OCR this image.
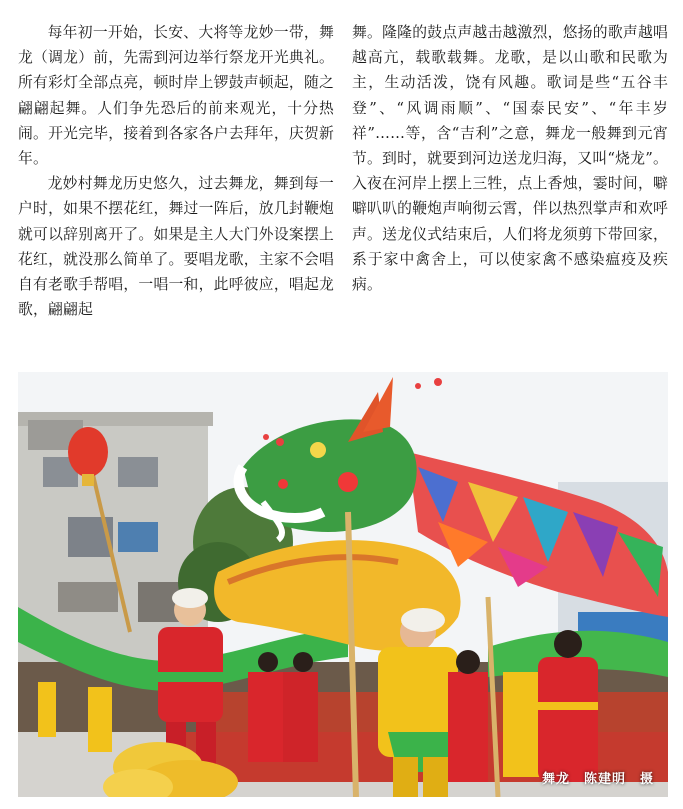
每年初一开始，长安、大将等龙妙一带，舞龙（调龙）前，先需到河边举行祭龙开光典礼。所有彩灯全部点亮，顿时岸上锣鼓声顿起，随之翩翩起舞。人们争先恐后的前来观光，十分热闹。开光完毕，接着到各家各户去拜年，庆贺新年。

龙妙村舞龙历史悠久，过去舞龙，舞到每一户时，如果不摆花红，舞过一阵后，放几封鞭炮就可以辞别离开了。如果是主人大门外设案摆上花红，就没那么简单了。要唱龙歌，主家不会唱自有老歌手帮唱，一唱一和，此呼彼应，唱起龙歌，翩翩起

舞。隆隆的鼓点声越击越激烈，悠扬的歌声越唱越高亢，载歌载舞。龙歌，是以山歌和民歌为主，生动活泼，饶有风趣。歌词是些“五谷丰登”、“风调雨顺”、“国泰民安”、“年丰岁祥”……等，含“吉利”之意，舞龙一般舞到元宵节。到时，就要到河边送龙归海，又叫“烧龙”。入夜在河岸上摆上三牲，点上香烛，霎时间，噼噼叭叭的鞭炮声响彻云霄，伴以热烈掌声和欢呼声。送龙仪式结束后，人们将龙须剪下带回家，系于家中禽舍上，可以使家禽不感染瘟疫及疾病。

舞龙 陈建明 摄
